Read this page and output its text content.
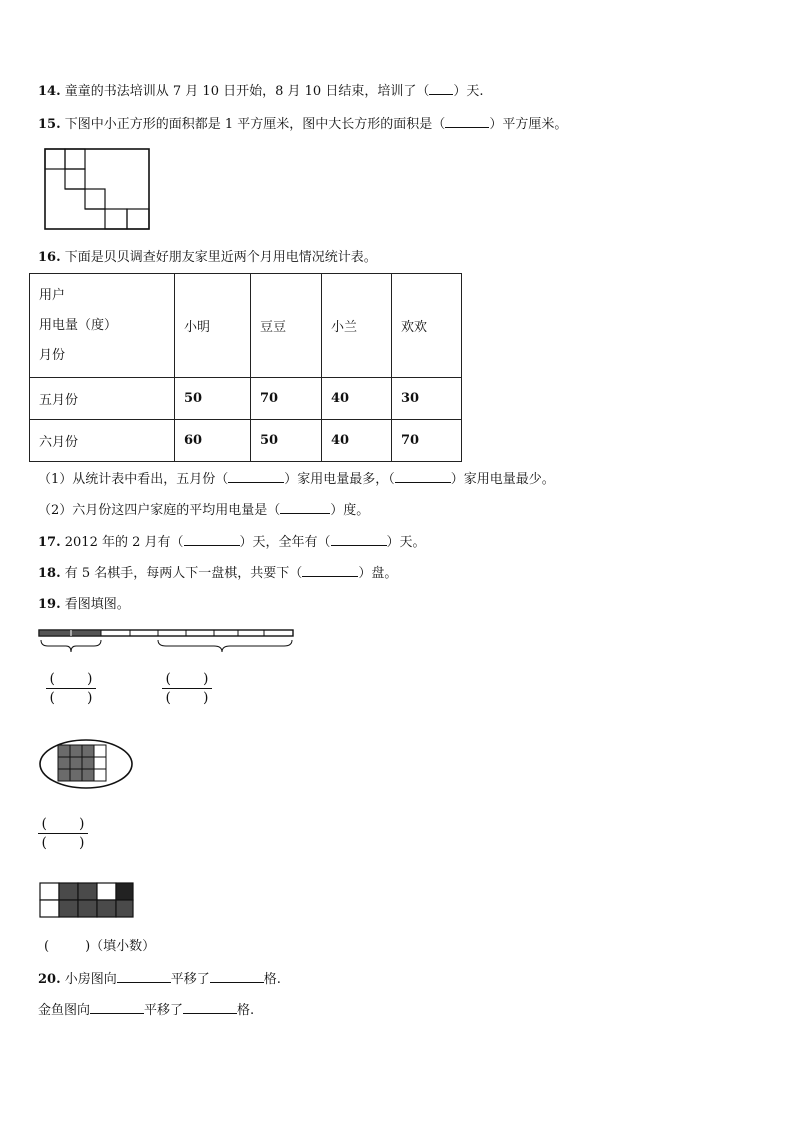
14. 童童的书法培训从 7 月 10 日开始，8 月 10 日结束，培训了（ ）天.
15. 下图中小正方形的面积都是 1 平方厘米，图中大长方形的面积是（	）平方厘米。
16. 下面是贝贝调查好朋友家里近两个月用电情况统计表。
用户
用电量（度）
月份	小明	豆豆	小兰	欢欢
五月份	50	70	40	30
六月份	60	50	40	70
（1）从统计表中看出，五月份（	）家用电量最多，（	）家用电量最少。
（2）六月份这四户家庭的平均用电量是（	）度。
17. 2012 年的 2 月有（	）天，全年有（	）天。
18. 有 5 名棋手，每两人下一盘棋，共要下（	）盘。
19. 看图填图。
( )
( )
( )
( )
( )
( )
(	)（填小数）
20. 小房图向	平移了	格.
金鱼图向	平移了	格.
